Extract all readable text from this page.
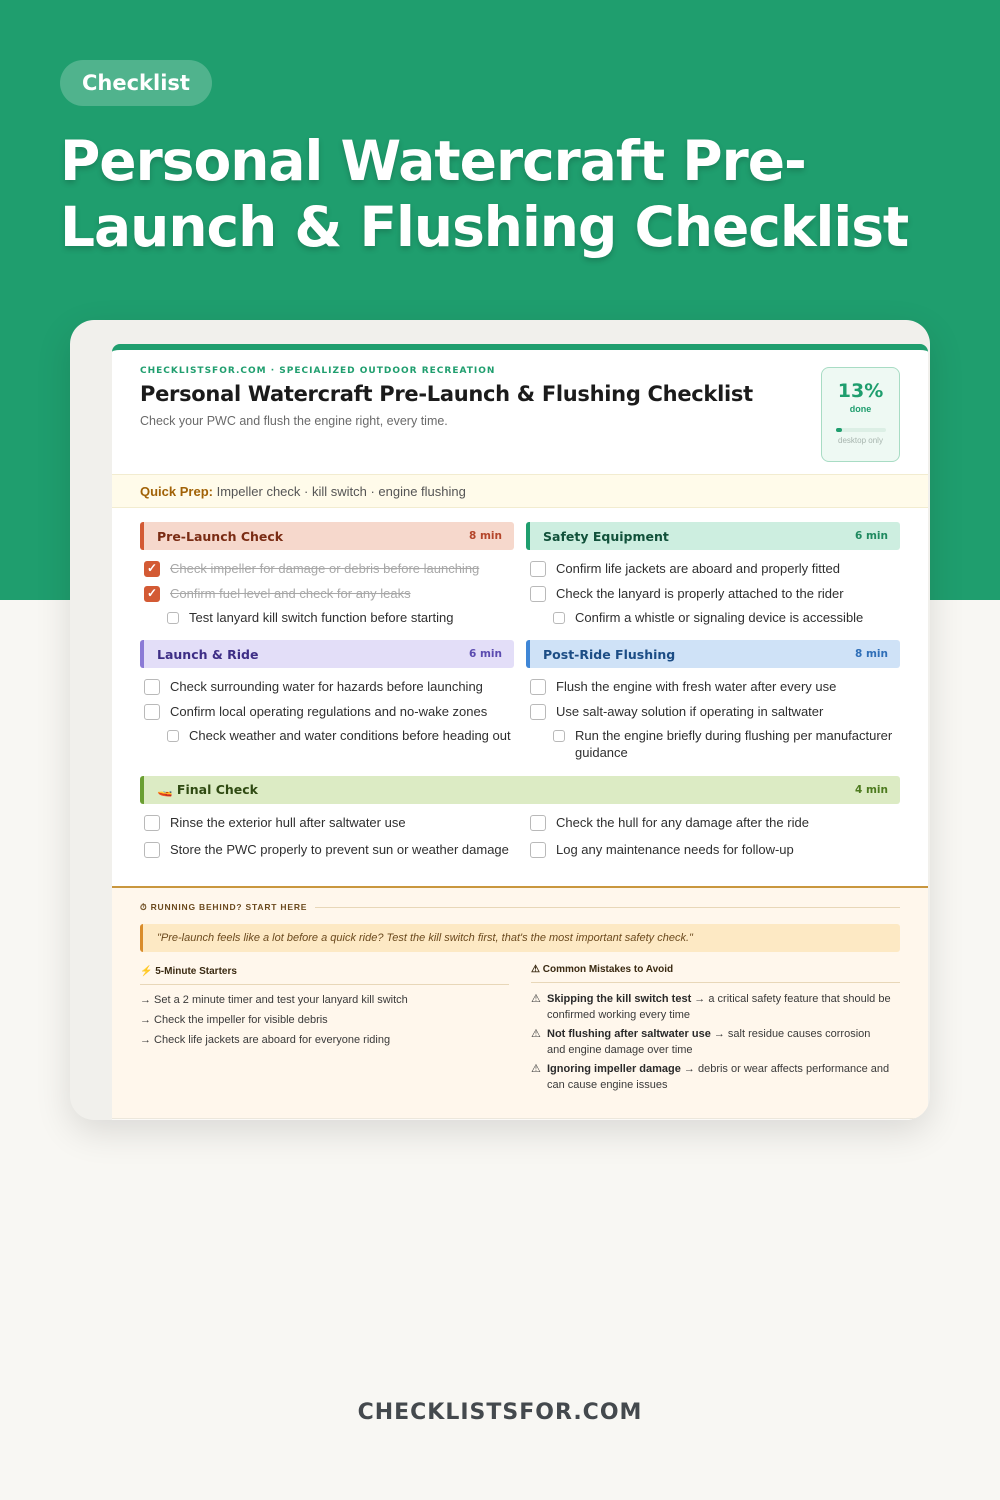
Checklist
Personal Watercraft Pre-Launch & Flushing Checklist
CHECKLISTSFOR.COM · SPECIALIZED OUTDOOR RECREATION
Personal Watercraft Pre-Launch & Flushing Checklist
Check your PWC and flush the engine right, every time.
13%
done
desktop only
Quick Prep: Impeller check · kill switch · engine flushing
Pre-Launch Check	8 min
✓ Check impeller for damage or debris before launching
✓ Confirm fuel level and check for any leaks
Test lanyard kill switch function before starting
Safety Equipment	6 min
Confirm life jackets are aboard and properly fitted
Check the lanyard is properly attached to the rider
Confirm a whistle or signaling device is accessible
Launch & Ride	6 min
Check surrounding water for hazards before launching
Confirm local operating regulations and no-wake zones
Check weather and water conditions before heading out
Post-Ride Flushing	8 min
Flush the engine with fresh water after every use
Use salt-away solution if operating in saltwater
Run the engine briefly during flushing per manufacturer guidance
🚤 Final Check	4 min
Rinse the exterior hull after saltwater use
Store the PWC properly to prevent sun or weather damage
Check the hull for any damage after the ride
Log any maintenance needs for follow-up
⏱ RUNNING BEHIND? START HERE
"Pre-launch feels like a lot before a quick ride? Test the kill switch first, that's the most important safety check."
⚡ 5-Minute Starters
→ Set a 2 minute timer and test your lanyard kill switch
→ Check the impeller for visible debris
→ Check life jackets are aboard for everyone riding
⚠ Common Mistakes to Avoid
⚠ Skipping the kill switch test → a critical safety feature that should be confirmed working every time
⚠ Not flushing after saltwater use → salt residue causes corrosion and engine damage over time
⚠ Ignoring impeller damage → debris or wear affects performance and can cause engine issues
CHECKLISTSFOR.COM
